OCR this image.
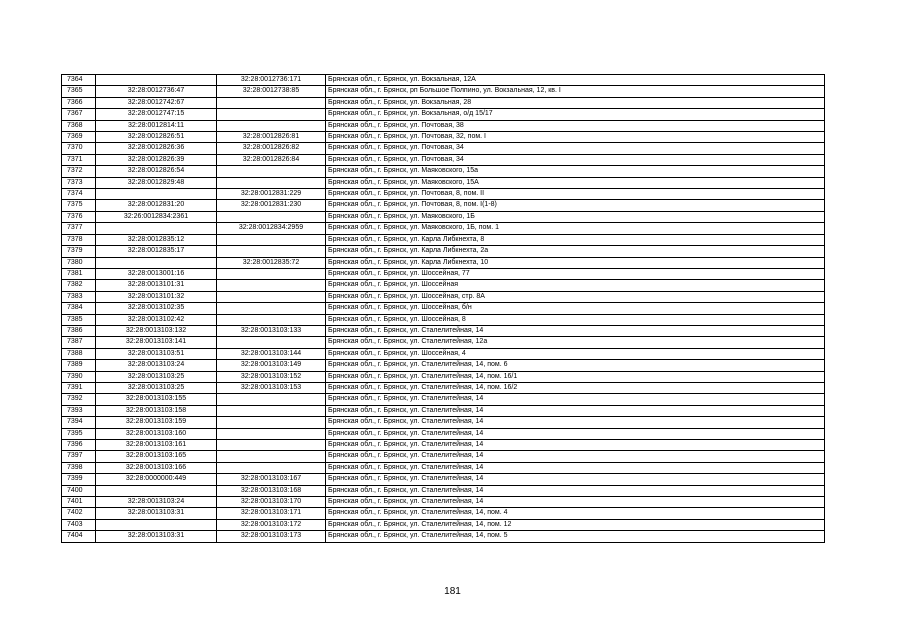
7364		32:28:0012736:171	Брянская обл., г. Брянск, ул. Вокзальная, 12А
7365	32:28:0012736:47	32:28:0012738:85	Брянская обл., г. Брянск, рп Большое Полпино, ул. Вокзальная, 12, кв. I
7366	32:28:0012742:67		Брянская обл., г. Брянск, ул. Вокзальная, 28
7367	32:28:0012747:15		Брянская обл., г. Брянск, ул. Вокзальная, о/д 15/17
7368	32:28:0012814:11		Брянская обл., г. Брянск, ул. Почтовая, 38
7369	32:28:0012826:51	32:28:0012826:81	Брянская обл., г. Брянск, ул. Почтовая, 32, пом. I
7370	32:28:0012826:36	32:28:0012826:82	Брянская обл., г. Брянск, ул. Почтовая, 34
7371	32:28:0012826:39	32:28:0012826:84	Брянская обл., г. Брянск, ул. Почтовая, 34
7372	32:28:0012826:54		Брянская обл., г. Брянск, ул. Маяковского, 15а
7373	32:28:0012829:48		Брянская обл., г. Брянск, ул. Маяковского, 15А
7374		32:28:0012831:229	Брянская обл., г. Брянск, ул. Почтовая, 8, пом. II
7375	32:28:0012831:20	32:28:0012831:230	Брянская обл., г. Брянск, ул. Почтовая, 8, пом. I(1-8)
7376	32:26:0012834:2361		Брянская обл., г. Брянск, ул. Маяковского, 1Б
7377		32:28:0012834:2959	Брянская обл., г. Брянск, ул. Маяковского, 1Б, пом. 1
7378	32:28:0012835:12		Брянская обл., г. Брянск, ул. Карла Либкнехта, 8
7379	32:28:0012835:17		Брянская обл., г. Брянск, ул. Карла Либкнехта, 2а
7380		32:28:0012835:72	Брянская обл., г. Брянск, ул. Карла Либкнехта, 10
7381	32:28:0013001:16		Брянская обл., г. Брянск, ул. Шоссейная, 77
7382	32:28:0013101:31		Брянская обл., г. Брянск, ул. Шоссейная
7383	32:28:0013101:32		Брянская обл., г. Брянск, ул. Шоссейная, стр. 8А
7384	32:28:0013102:35		Брянская обл., г. Брянск, ул. Шоссейная, б/н
7385	32:28:0013102:42		Брянская обл., г. Брянск, ул. Шоссейная, 8
7386	32:28:0013103:132	32:28:0013103:133	Брянская обл., г. Брянск, ул. Сталелитейная, 14
7387	32:28:0013103:141		Брянская обл., г. Брянск, ул. Сталелитейная, 12а
7388	32:28:0013103:51	32:28:0013103:144	Брянская обл., г. Брянск, ул. Шоссейная, 4
7389	32:28:0013103:24	32:28:0013103:149	Брянская обл., г. Брянск, ул. Сталелитейная, 14, пом. 6
7390	32:28:0013103:25	32:28:0013103:152	Брянская обл., г. Брянск, ул. Сталелитейная, 14, пом. 16/1
7391	32:28:0013103:25	32:28:0013103:153	Брянская обл., г. Брянск, ул. Сталелитейная, 14, пом. 16/2
7392	32:28:0013103:155		Брянская обл., г. Брянск, ул. Сталелитейная, 14
7393	32:28:0013103:158		Брянская обл., г. Брянск, ул. Сталелитейная, 14
7394	32:28:0013103:159		Брянская обл., г. Брянск, ул. Сталелитейная, 14
7395	32:28:0013103:160		Брянская обл., г. Брянск, ул. Сталелитейная, 14
7396	32:28:0013103:161		Брянская обл., г. Брянск, ул. Сталелитейная, 14
7397	32:28:0013103:165		Брянская обл., г. Брянск, ул. Сталелитейная, 14
7398	32:28:0013103:166		Брянская обл., г. Брянск, ул. Сталелитейная, 14
7399	32:28:0000000:449	32:28:0013103:167	Брянская обл., г. Брянск, ул. Сталелитейная, 14
7400		32:28:0013103:168	Брянская обл., г. Брянск, ул. Сталелитейная, 14
7401	32:28:0013103:24	32:28:0013103:170	Брянская обл., г. Брянск, ул. Сталелитейная, 14
7402	32:28:0013103:31	32:28:0013103:171	Брянская обл., г. Брянск, ул. Сталелитейная, 14, пом. 4
7403		32:28:0013103:172	Брянская обл., г. Брянск, ул. Сталелитейная, 14, пом. 12
7404	32:28:0013103:31	32:28:0013103:173	Брянская обл., г. Брянск, ул. Сталелитейная, 14, пом. 5
181
